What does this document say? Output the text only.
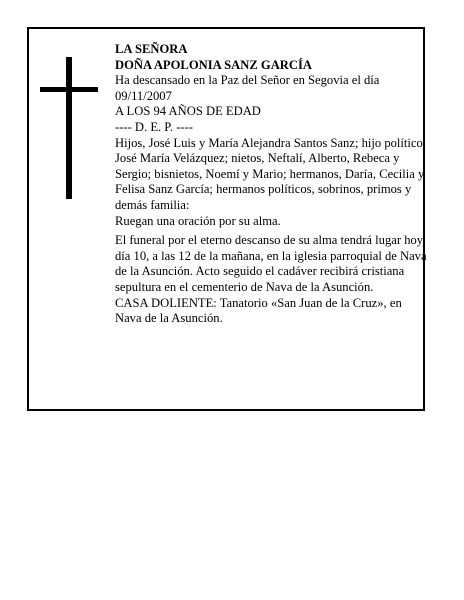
LA SEÑORA

DOÑA APOLONIA SANZ GARCÍA

Ha descansado en la Paz del Señor en Segovia el día 09/11/2007

A LOS 94 AÑOS DE EDAD

---- D. E. P. ----

Hijos, José Luis y María Alejandra Santos Sanz; hijo político, José María Velázquez; nietos, Neftalí, Alberto, Rebeca y Sergio; bisnietos, Noemí y Mario; hermanos, Daría, Cecilia y Felisa Sanz García; hermanos políticos, sobrinos, primos y demás familia:

Ruegan una oración por su alma.

El funeral por el eterno descanso de su alma tendrá lugar hoy, día 10, a las 12 de la mañana, en la iglesia parroquial de Nava de la Asunción. Acto seguido el cadáver recibirá cristiana sepultura en el cementerio de Nava de la Asunción.

CASA DOLIENTE: Tanatorio «San Juan de la Cruz», en Nava de la Asunción.
